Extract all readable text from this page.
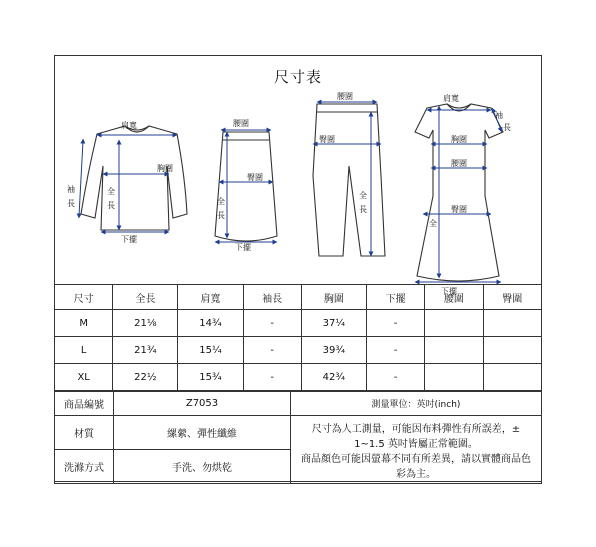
尺寸表
肩寬
袖
長
胸圍
全
長
下擺
腰圍
臀圍
全
長
下擺
腰圍
臀圍
全
長
肩寬
袖
長
胸圍
腰圍
臀圍
全
下擺
尺寸	全長	肩寬	袖長	胸圍	下擺	腰圍	臀圍
M	21⅛	14¾	-	37¼	-		
L	21¾	15¼	-	39¾	-		
XL	22½	15¾	-	42¾	-		
商品編號	Z7053	測量單位：英吋(inch)
材質	縲縈、彈性纖維	尺寸為人工測量，可能因布料彈性有所誤差，±
1~1.5 英吋皆屬正常範圍。
商品顏色可能因螢幕不同有所差異，請以實體商品色
彩為主。

洗滌方式	手洗、勿烘乾	
